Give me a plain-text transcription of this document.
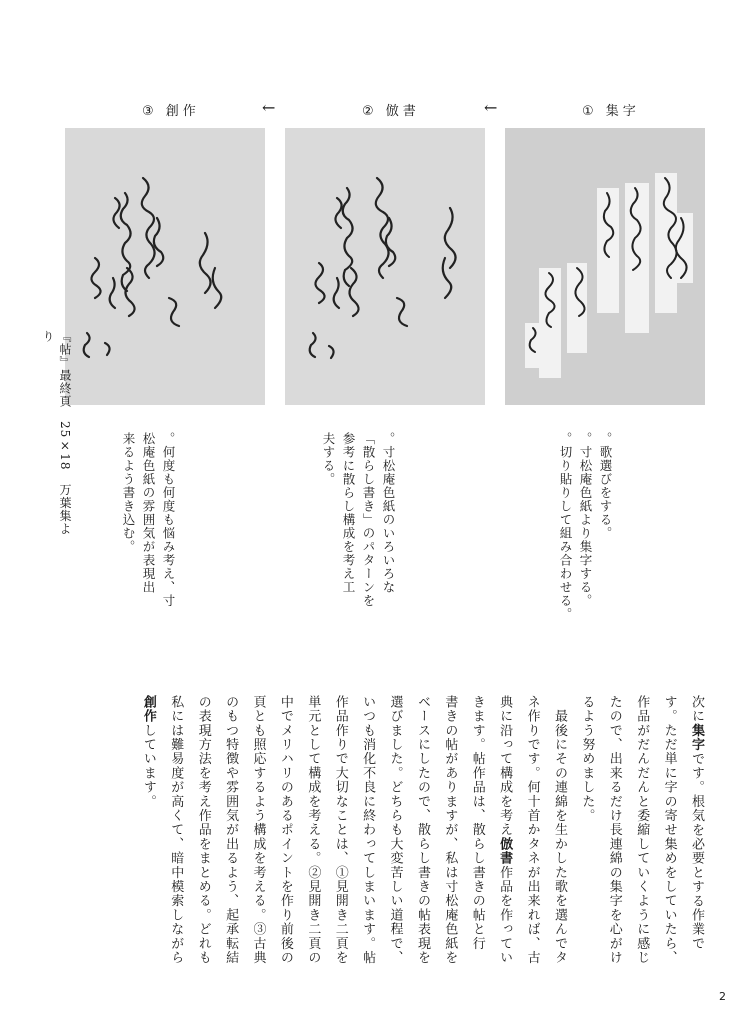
③ 創作	←	② 倣書	←	① 集字
『帖』最終頁　25×18　万葉集より
。歌選びをする。
。寸松庵色紙より集字する。
。切り貼りして組み合わせる。
。寸松庵色紙のいろいろな
「散らし書き」のパターンを
参考に散らし構成を考え工
夫する。
。何度も何度も悩み考え、寸
松庵色紙の雰囲気が表現出
来るよう書き込む。
次に集字です。根気を必要とする作業で
す。ただ単に字の寄せ集めをしていたら、
作品がだんだんと委縮していくように感じ
たので、出来るだけ長連綿の集字を心がけ
るよう努めました。
　最後にその連綿を生かした歌を選んでタ
ネ作りです。何十首かタネが出来れば、古
典に沿って構成を考え倣書作品を作ってい
きます。帖作品は、散らし書きの帖と行
書きの帖がありますが、私は寸松庵色紙を
ベースにしたので、散らし書きの帖表現を
選びました。どちらも大変苦しい道程で、
いつも消化不良に終わってしまいます。帖
作品作りで大切なことは、①見開き二頁を
単元として構成を考える。②見開き二頁の
中でメリハリのあるポイントを作り前後の
頁とも照応するよう構成を考える。③古典
のもつ特徴や雰囲気が出るよう、起承転結
の表現方法を考え作品をまとめる。どれも
私には難易度が高くて、暗中模索しながら
創作しています。
2
